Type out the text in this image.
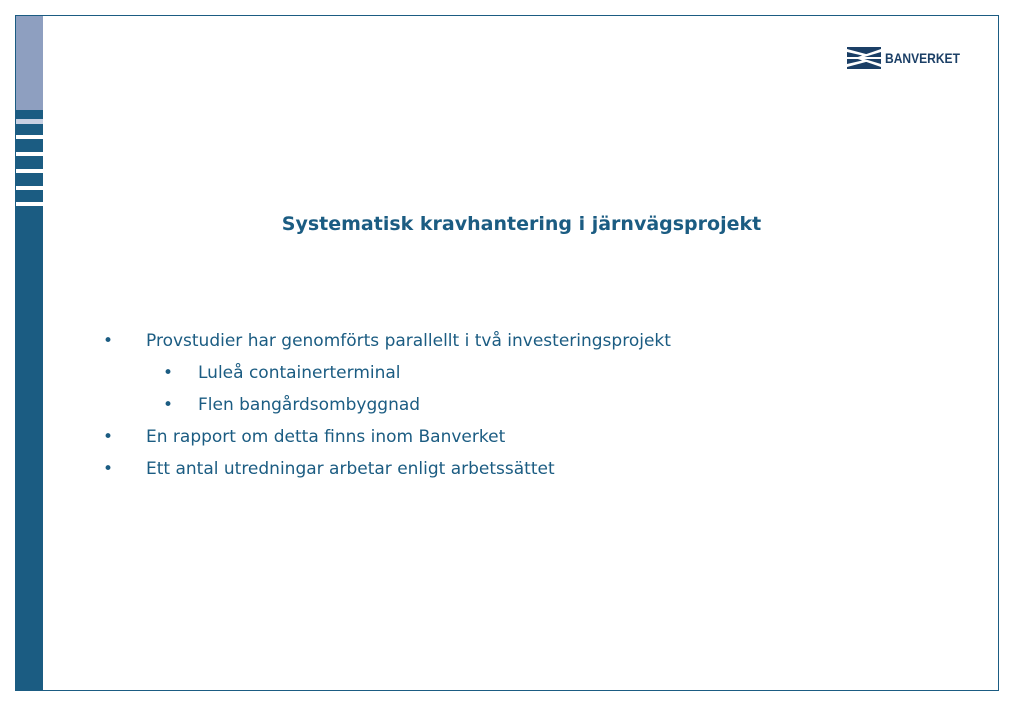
BANVERKET
Systematisk kravhantering i järnvägsprojekt
• Provstudier har genomförts parallellt i två investeringsprojekt
• Luleå containerterminal
• Flen bangårdsombyggnad
• En rapport om detta finns inom Banverket
• Ett antal utredningar arbetar enligt arbetssättet
